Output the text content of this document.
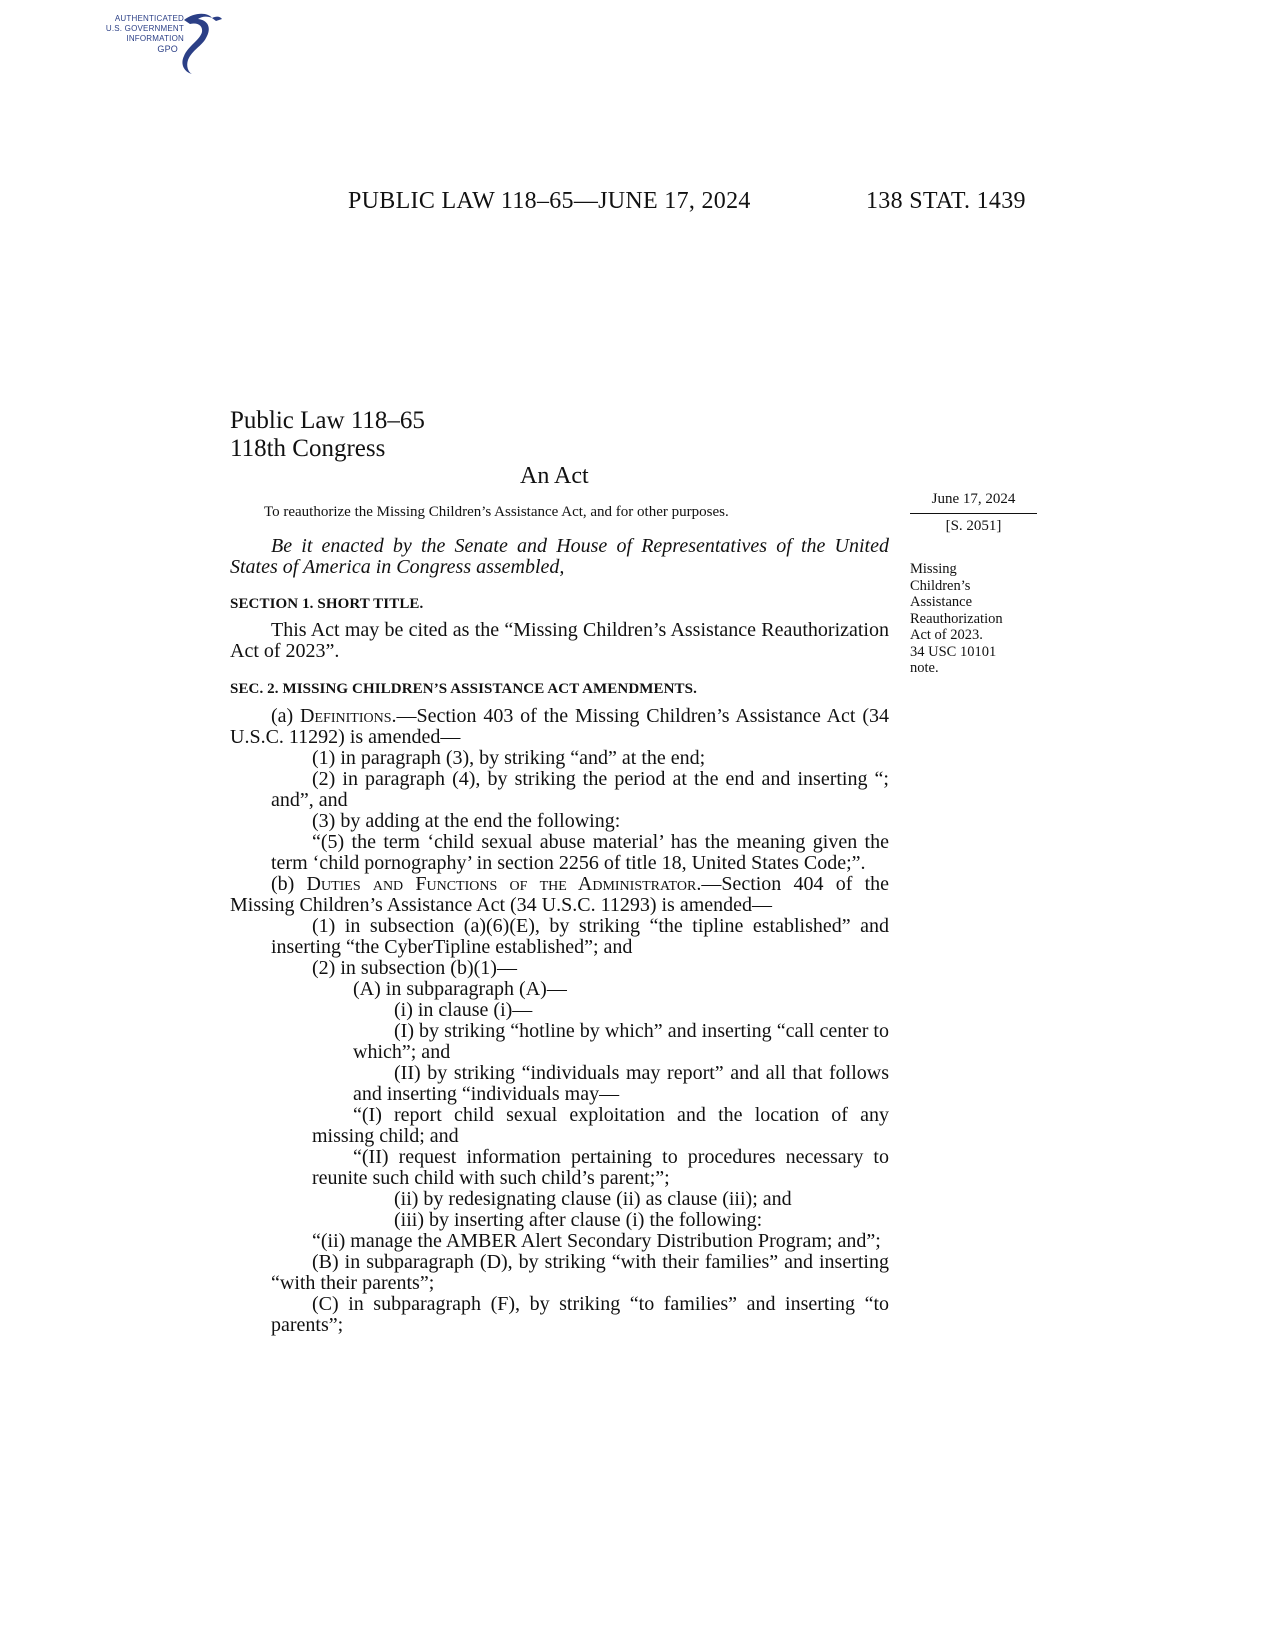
AUTHENTICATED
U.S. GOVERNMENT
INFORMATION
GPO
PUBLIC LAW 118–65—JUNE 17, 2024	138 STAT. 1439
Public Law 118–65
118th Congress
An Act
To reauthorize the Missing Children’s Assistance Act, and for other purposes.
June 17, 2024
[S. 2051]
Missing
Children’s
Assistance
Reauthorization
Act of 2023.
34 USC 10101
note.

Be it enacted by the Senate and House of Representatives of the United States of America in Congress assembled,

SECTION 1. SHORT TITLE.

This Act may be cited as the “Missing Children’s Assistance Reauthorization Act of 2023”.

SEC. 2. MISSING CHILDREN’S ASSISTANCE ACT AMENDMENTS.

(a) Definitions.—Section 403 of the Missing Children’s Assistance Act (34 U.S.C. 11292) is amended—

(1) in paragraph (3), by striking “and” at the end;

(2) in paragraph (4), by striking the period at the end and inserting “; and”, and

(3) by adding at the end the following:

“(5) the term ‘child sexual abuse material’ has the meaning given the term ‘child pornography’ in section 2256 of title 18, United States Code;”.

(b) Duties and Functions of the Administrator.—Section 404 of the Missing Children’s Assistance Act (34 U.S.C. 11293) is amended—

(1) in subsection (a)(6)(E), by striking “the tipline established” and inserting “the CyberTipline established”; and

(2) in subsection (b)(1)—

(A) in subparagraph (A)—

(i) in clause (i)—

(I) by striking “hotline by which” and inserting “call center to which”; and

(II) by striking “individuals may report” and all that follows and inserting “individuals may—

“(I) report child sexual exploitation and the location of any missing child; and

“(II) request information pertaining to procedures necessary to reunite such child with such child’s parent;”;

(ii) by redesignating clause (ii) as clause (iii); and

(iii) by inserting after clause (i) the following:

“(ii) manage the AMBER Alert Secondary Distribution Program; and”;

(B) in subparagraph (D), by striking “with their families” and inserting “with their parents”;

(C) in subparagraph (F), by striking “to families” and inserting “to parents”;
